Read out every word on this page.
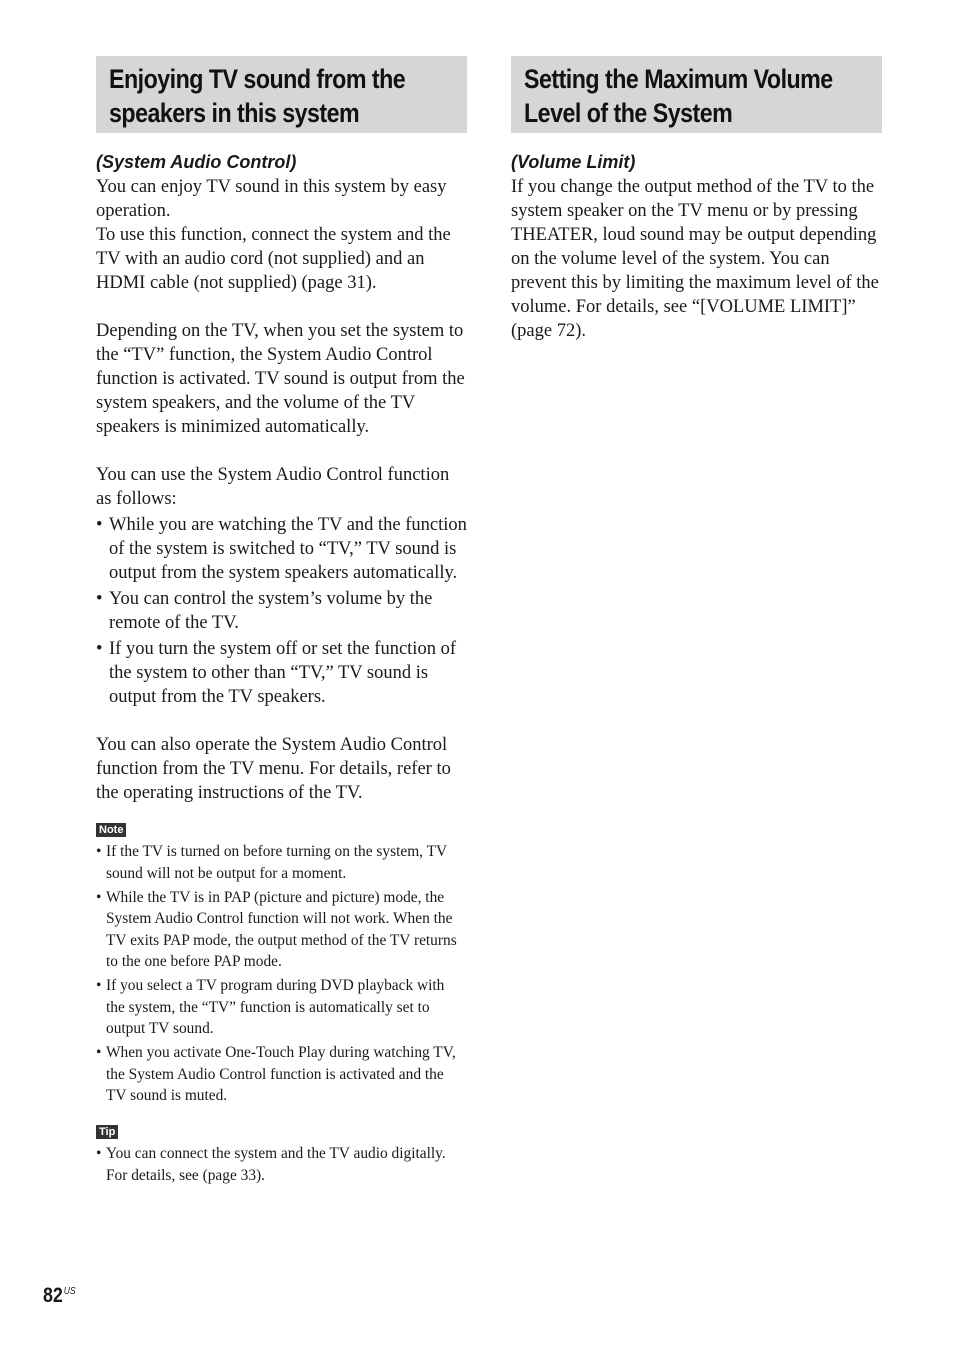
Enjoying TV sound from the speakers in this system
(System Audio Control)

You can enjoy TV sound in this system by easy operation.

To use this function, connect the system and the TV with an audio cord (not supplied) and an HDMI cable (not supplied) (page 31).

Depending on the TV, when you set the system to the “TV” function, the System Audio Control function is activated. TV sound is output from the system speakers, and the volume of the TV speakers is minimized automatically.

You can use the System Audio Control function as follows:

• While you are watching the TV and the function of the system is switched to “TV,” TV sound is output from the system speakers automatically.
• You can control the system’s volume by the remote of the TV.
• If you turn the system off or set the function of the system to other than “TV,” TV sound is output from the TV speakers.

You can also operate the System Audio Control function from the TV menu. For details, refer to the operating instructions of the TV.

Note
• If the TV is turned on before turning on the system, TV sound will not be output for a moment.
• While the TV is in PAP (picture and picture) mode, the System Audio Control function will not work. When the TV exits PAP mode, the output method of the TV returns to the one before PAP mode.
• If you select a TV program during DVD playback with the system, the “TV” function is automatically set to output TV sound.
• When you activate One-Touch Play during watching TV, the System Audio Control function is activated and the TV sound is muted.
Tip
• You can connect the system and the TV audio digitally. For details, see (page 33).
Setting the Maximum Volume Level of the System
(Volume Limit)

If you change the output method of the TV to the system speaker on the TV menu or by pressing THEATER, loud sound may be output depending on the volume level of the system. You can prevent this by limiting the maximum level of the volume. For details, see “[VOLUME LIMIT]” (page 72).

$82^{US}$
